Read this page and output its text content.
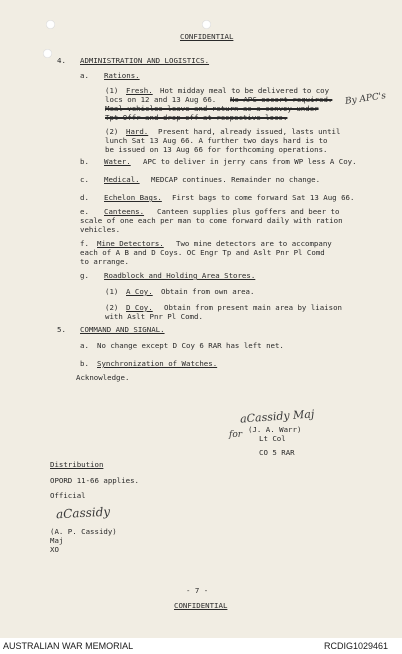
CONFIDENTIAL
4. ADMINISTRATION AND LOGISTICS.
a. Rations.
(1) Fresh. Hot midday meal to be delivered to coy
locs on 12 and 13 Aug 66. No APC escort required.
Meal vehicles leave and return as a convoy under
Tpt Offr and drop off at respective locs.
By APC's
(2) Hard. Present hard, already issued, lasts until
lunch Sat 13 Aug 66. A further two days hard is to
be issued on 13 Aug 66 for forthcoming operations.
b. Water. APC to deliver in jerry cans from WP less A Coy.
c. Medical. MEDCAP continues. Remainder no change.
d. Echelon Bags. First bags to come forward Sat 13 Aug 66.
e. Canteens. Canteen supplies plus goffers and beer to
scale of one each per man to come forward daily with ration
vehicles.
f. Mine Detectors. Two mine detectors are to accompany
each of A B and D Coys. OC Engr Tp and Aslt Pnr Pl Comd
to arrange.
g. Roadblock and Holding Area Stores.
(1) A Coy. Obtain from own area.
(2) D Coy. Obtain from present main area by liaison
with Aslt Pnr Pl Comd.
5. COMMAND AND SIGNAL.
a. No change except D Coy 6 RAR has left net.
b. Synchronization of Watches.
Acknowledge.
aCassidy Maj
for
(J. A. Warr)
Lt Col
CO 5 RAR
Distribution
OPORD 11-66 applies.
Official
aCassidy
(A. P. Cassidy)
Maj
XO
- 7 -
CONFIDENTIAL
AUSTRALIAN WAR MEMORIAL	RCDIG1029461
